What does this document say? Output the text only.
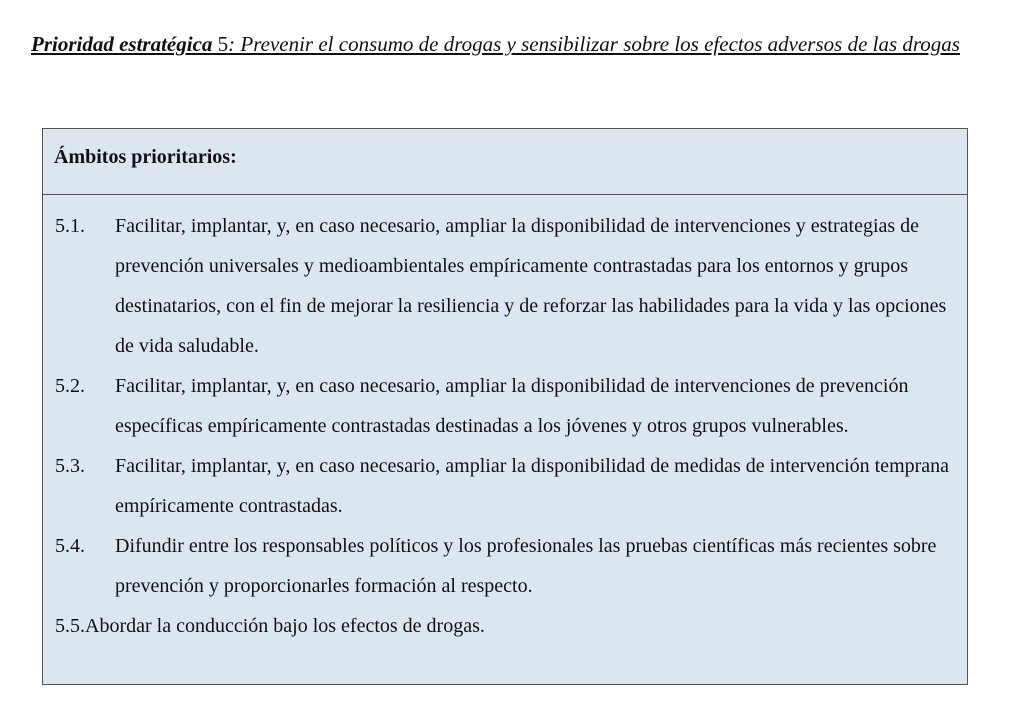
Prioridad estratégica 5: Prevenir el consumo de drogas y sensibilizar sobre los efectos adversos de las drogas
Ámbitos prioritarios:
5.1.	Facilitar, implantar, y, en caso necesario, ampliar la disponibilidad de intervenciones y estrategias de prevención universales y medioambientales empíricamente contrastadas para los entornos y grupos destinatarios, con el fin de mejorar la resiliencia y de reforzar las habilidades para la vida y las opciones de vida saludable.
5.2.	Facilitar, implantar, y, en caso necesario, ampliar la disponibilidad de intervenciones de prevención específicas empíricamente contrastadas destinadas a los jóvenes y otros grupos vulnerables.
5.3.	Facilitar, implantar, y, en caso necesario, ampliar la disponibilidad de medidas de intervención temprana empíricamente contrastadas.
5.4.	Difundir entre los responsables políticos y los profesionales las pruebas científicas más recientes sobre prevención y proporcionarles formación al respecto.
5.5.Abordar la conducción bajo los efectos de drogas.
